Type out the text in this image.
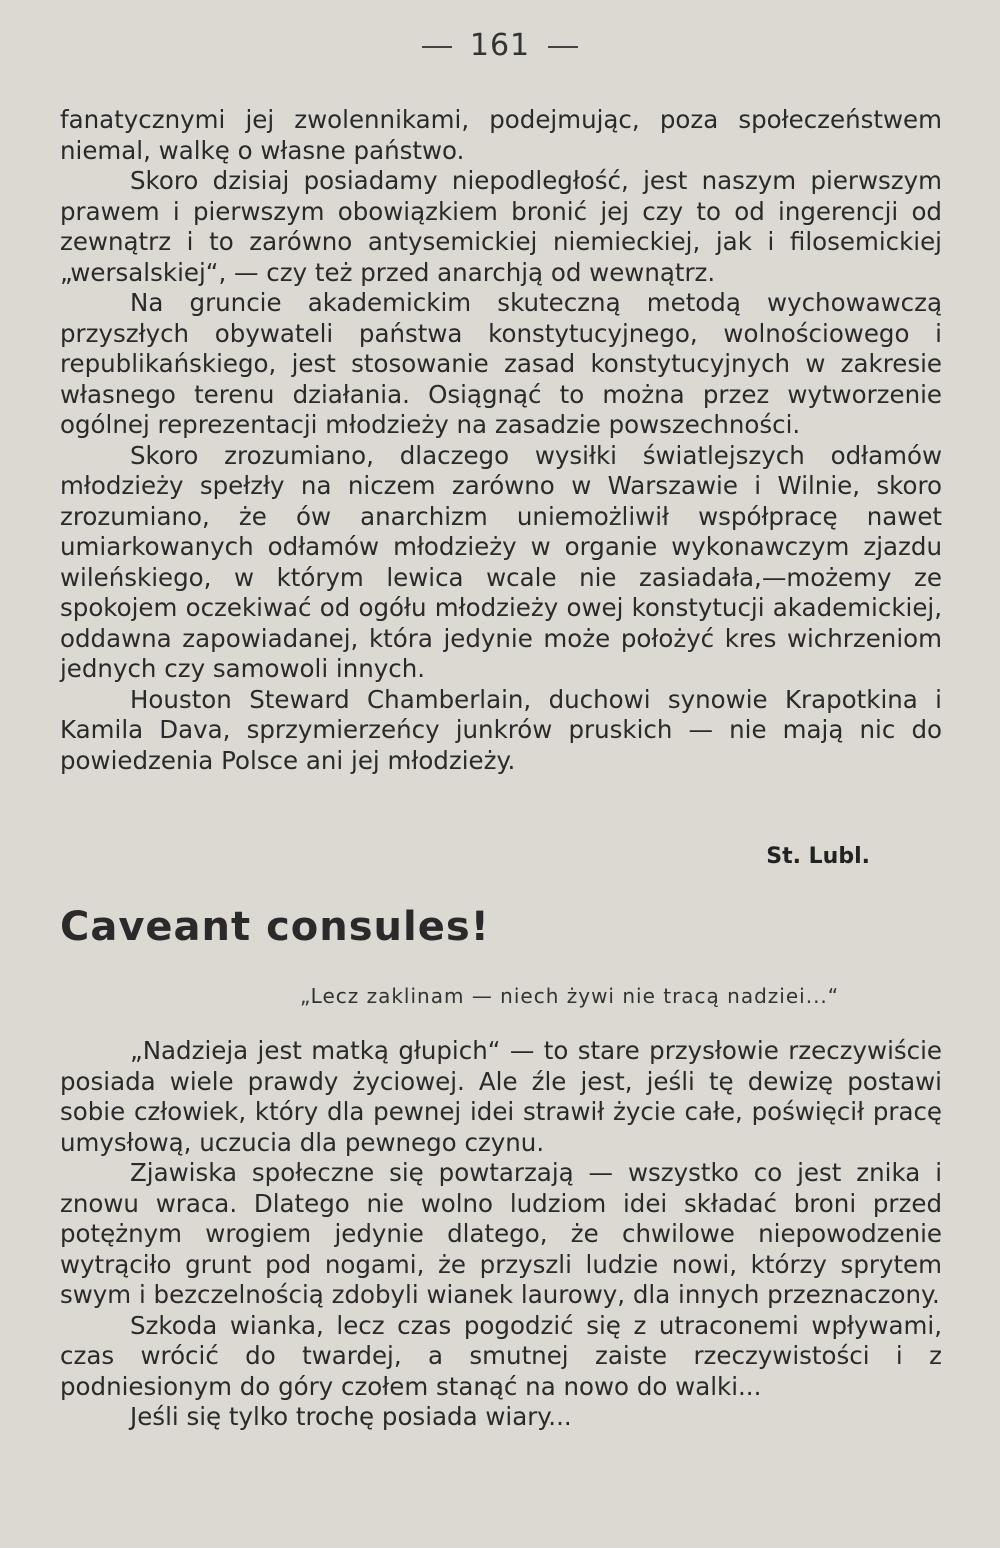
161

fanatycznymi jej zwolennikami, podejmując, poza społeczeństwem niemal, walkę o własne państwo.

Skoro dzisiaj posiadamy niepodległość, jest naszym pierwszym prawem i pierwszym obowiązkiem bronić jej czy to od ingerencji od zewnątrz i to zarówno antysemickiej niemieckiej, jak i filosemickiej „wersalskiej“, — czy też przed anarchją od wewnątrz.

Na gruncie akademickim skuteczną metodą wychowawczą przyszłych obywateli państwa konstytucyjnego, wolnościowego i republikańskiego, jest stosowanie zasad konstytucyjnych w zakresie własnego terenu działania. Osiągnąć to można przez wytworzenie ogólnej reprezentacji młodzieży na zasadzie powszechności.

Skoro zrozumiano, dlaczego wysiłki światlejszych odłamów młodzieży spełzły na niczem zarówno w Warszawie i Wilnie, skoro zrozumiano, że ów anarchizm uniemożliwił współpracę nawet umiarkowanych odłamów młodzieży w organie wykonawczym zjazdu wileńskiego, w którym lewica wcale nie zasiadała,—możemy ze spokojem oczekiwać od ogółu młodzieży owej konstytucji akademickiej, oddawna zapowiadanej, która jedynie może położyć kres wichrzeniom jednych czy samowoli innych.

Houston Steward Chamberlain, duchowi synowie Krapotkina i Kamila Dava, sprzymierzeńcy junkrów pruskich — nie mają nic do powiedzenia Polsce ani jej młodzieży.

St. Lubl.
Caveant consules!
„Lecz zaklinam — niech żywi nie tracą nadziei...“

„Nadzieja jest matką głupich“ — to stare przysłowie rzeczywiście posiada wiele prawdy życiowej. Ale źle jest, jeśli tę dewizę postawi sobie człowiek, który dla pewnej idei strawił życie całe, poświęcił pracę umysłową, uczucia dla pewnego czynu.

Zjawiska społeczne się powtarzają — wszystko co jest znika i znowu wraca. Dlatego nie wolno ludziom idei składać broni przed potężnym wrogiem jedynie dlatego, że chwilowe niepowodzenie wytrąciło grunt pod nogami, że przyszli ludzie nowi, którzy sprytem swym i bezczelnością zdobyli wianek laurowy, dla innych przeznaczony.

Szkoda wianka, lecz czas pogodzić się z utraconemi wpływami, czas wrócić do twardej, a smutnej zaiste rzeczywistości i z podniesionym do góry czołem stanąć na nowo do walki...

Jeśli się tylko trochę posiada wiary...
